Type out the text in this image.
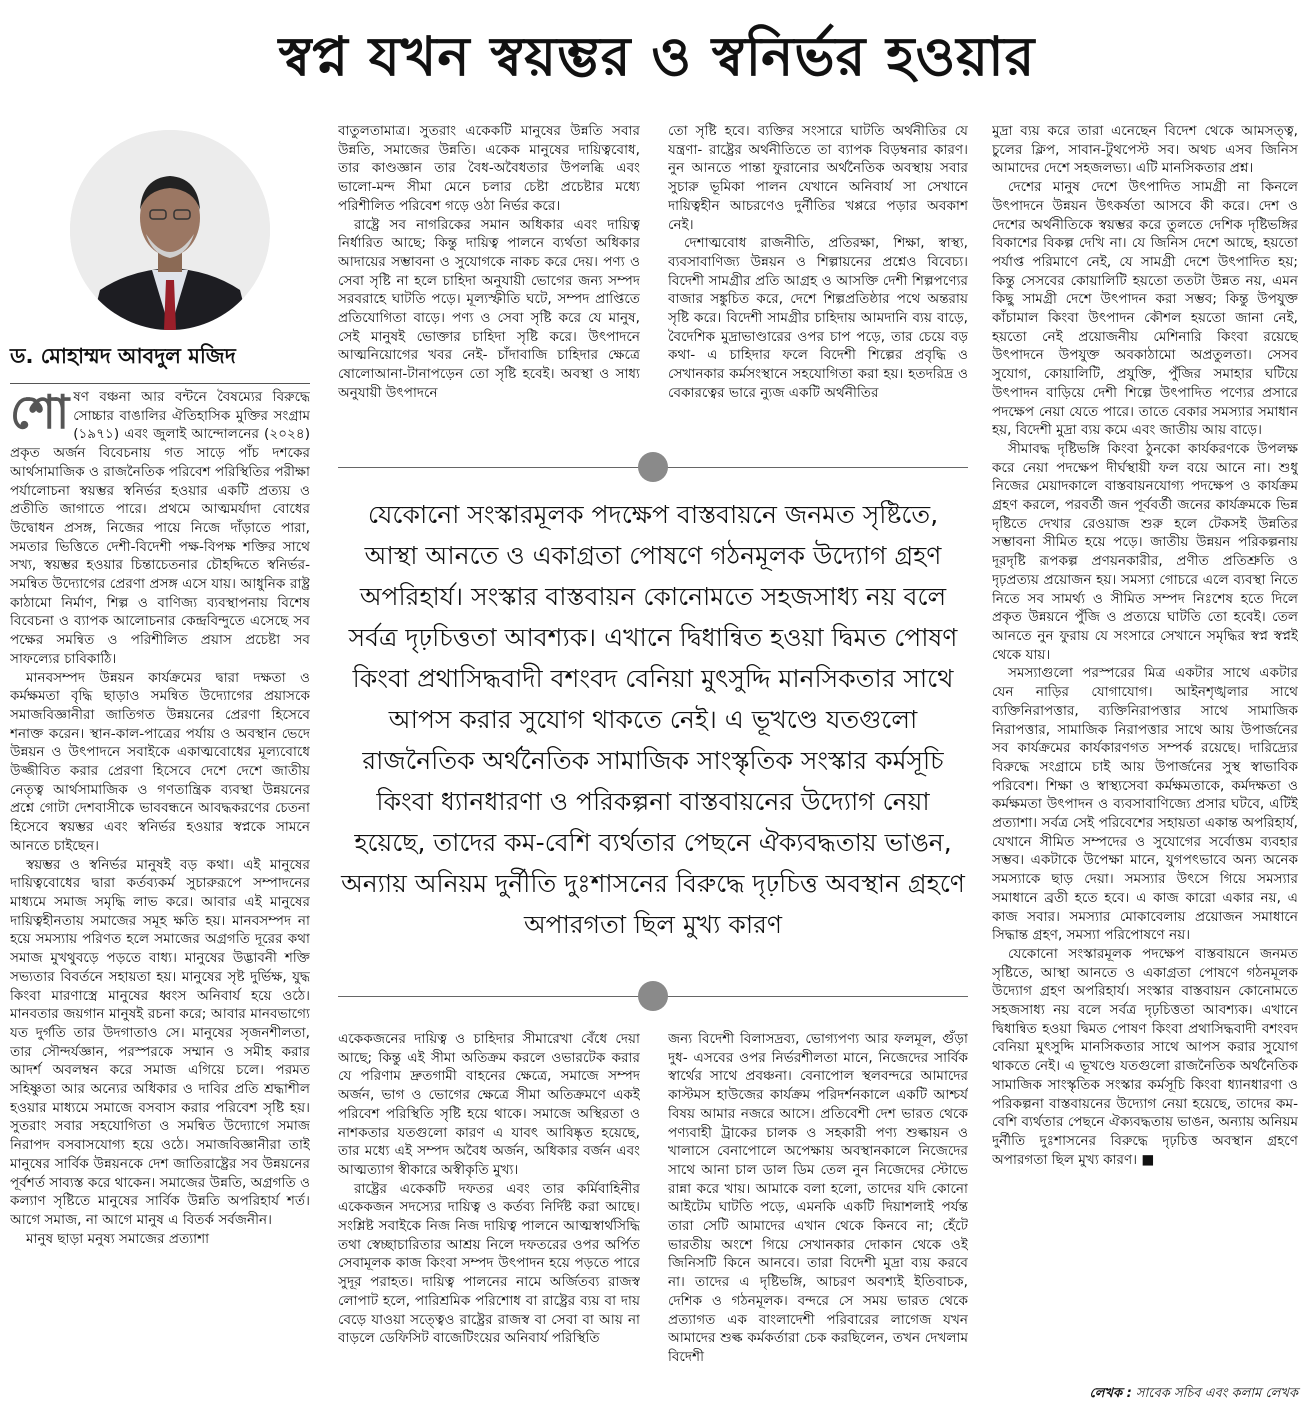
স্বপ্ন যখন স্বয়ম্ভর ও স্বনির্ভর হওয়ার
ড. মোহাম্মদ আবদুল মজিদ

শোষণ বঞ্চনা আর বন্টনে বৈষম্যের বিরুদ্ধে সোচ্চার বাঙালির ঐতিহাসিক মুক্তির সংগ্রাম (১৯৭১) এবং জুলাই আন্দোলনের (২০২৪) প্রকৃত অর্জন বিবেচনায় গত সাড়ে পাঁচ দশকের আর্থসামাজিক ও রাজনৈতিক পরিবেশ পরিস্থিতির পরীক্ষা পর্যালোচনা স্বয়ম্ভর স্বনির্ভর হওয়ার একটি প্রত্যয় ও প্রতীতি জাগাতে পারে। প্রথমে আত্মমর্যাদা বোধের উদ্বোধন প্রসঙ্গ, নিজের পায়ে নিজে দাঁড়াতে পারা, সমতার ভিত্তিতে দেশী-বিদেশী পক্ষ-বিপক্ষ শক্তির সাথে সখ্য, স্বয়ম্ভর হওয়ার চিন্তাচেতনার চৌহদ্দিতে স্বনির্ভর-সমন্বিত উদ্যোগের প্রেরণা প্রসঙ্গ এসে যায়। আধুনিক রাষ্ট্র কাঠামো নির্মাণ, শিল্প ও বাণিজ্য ব্যবস্থাপনায় বিশেষ বিবেচনা ও ব্যাপক আলোচনার কেন্দ্রবিন্দুতে এসেছে সব পক্ষের সমন্বিত ও পরিশীলিত প্রয়াস প্রচেষ্টা সব সাফল্যের চাবিকাঠি।

মানবসম্পদ উন্নয়ন কার্যক্রমের দ্বারা দক্ষতা ও কর্মক্ষমতা বৃদ্ধি ছাড়াও সমন্বিত উদ্যোগের প্রয়াসকে সমাজবিজ্ঞানীরা জাতিগত উন্নয়নের প্রেরণা হিসেবে শনাক্ত করেন। স্থান-কাল-পাত্রের পর্যায় ও অবস্থান ভেদে উন্নয়ন ও উৎপাদনে সবাইকে একাত্মবোধের মূল্যবোধে উজ্জীবিত করার প্রেরণা হিসেবে দেশে দেশে জাতীয় নেতৃত্ব আর্থসামাজিক ও গণতান্ত্রিক ব্যবস্থা উন্নয়নের প্রশ্নে গোটা দেশবাসীকে ভাববন্ধনে আবদ্ধকরণের চেতনা হিসেবে স্বয়ম্ভর এবং স্বনির্ভর হওয়ার স্বপ্নকে সামনে আনতে চাইছেন।

স্বয়ম্ভর ও স্বনির্ভর মানুষই বড় কথা। এই মানুষের দায়িত্ববোধের দ্বারা কর্তব্যকর্ম সুচারুরূপে সম্পাদনের মাধ্যমে সমাজ সমৃদ্ধি লাভ করে। আবার এই মানুষের দায়িত্বহীনতায় সমাজের সমূহ ক্ষতি হয়। মানবসম্পদ না হয়ে সমস্যায় পরিণত হলে সমাজের অগ্রগতি দূরের কথা সমাজ মুখথুবড়ে পড়তে বাধ্য। মানুষের উদ্ভাবনী শক্তি সভ্যতার বিবর্তনে সহায়তা হয়। মানুষের সৃষ্ট দুর্ভিক্ষ, যুদ্ধ কিংবা মারণাস্ত্রে মানুষের ধ্বংস অনিবার্য হয়ে ওঠে। মানবতার জয়গান মানুষই রচনা করে; আবার মানবভাগ্যে যত দুর্গতি তার উদগাতাও সে। মানুষের সৃজনশীলতা, তার সৌন্দর্যজ্ঞান, পরস্পরকে সম্মান ও সমীহ করার আদর্শ অবলম্বন করে সমাজ এগিয়ে চলে। পরমত সহিষ্ণুতা আর অন্যের অধিকার ও দাবির প্রতি শ্রদ্ধাশীল হওয়ার মাধ্যমে সমাজে বসবাস করার পরিবেশ সৃষ্টি হয়। সুতরাং সবার সহযোগিতা ও সমন্বিত উদ্যোগে সমাজ নিরাপদ বসবাসযোগ্য হয়ে ওঠে। সমাজবিজ্ঞানীরা তাই মানুষের সার্বিক উন্নয়নকে দেশ জাতিরাষ্ট্রের সব উন্নয়নের পূর্বশর্ত সাব্যস্ত করে থাকেন। সমাজের উন্নতি, অগ্রগতি ও কল্যাণ সৃষ্টিতে মানুষের সার্বিক উন্নতি অপরিহার্য শর্ত। আগে সমাজ, না আগে মানুষ এ বিতর্ক সর্বজনীন।

মানুষ ছাড়া মনুষ্য সমাজের প্রত্যাশা

বাতুলতামাত্র। সুতরাং একেকটি মানুষের উন্নতি সবার উন্নতি, সমাজের উন্নতি। একেক মানুষের দায়িত্ববোধ, তার কাণ্ডজ্ঞান তার বৈধ-অবৈধতার উপলব্ধি এবং ভালো-মন্দ সীমা মেনে চলার চেষ্টা প্রচেষ্টার মধ্যে পরিশীলিত পরিবেশ গড়ে ওঠা নির্ভর করে।

রাষ্ট্রে সব নাগরিকের সমান অধিকার এবং দায়িত্ব নির্ধারিত আছে; কিন্তু দায়িত্ব পালনে ব্যর্থতা অধিকার আদায়ের সম্ভাবনা ও সুযোগকে নাকচ করে দেয়। পণ্য ও সেবা সৃষ্টি না হলে চাহিদা অনুযায়ী ভোগের জন্য সম্পদ সরবরাহে ঘাটতি পড়ে। মূল্যস্ফীতি ঘটে, সম্পদ প্রাপ্তিতে প্রতিযোগিতা বাড়ে। পণ্য ও সেবা সৃষ্টি করে যে মানুষ, সেই মানুষই ভোক্তার চাহিদা সৃষ্টি করে। উৎপাদনে আত্মনিয়োগের খবর নেই- চাঁদাবাজি চাহিদার ক্ষেত্রে ষোলোআনা-টানাপড়েন তো সৃষ্টি হবেই। অবস্থা ও সাধ্য অনুযায়ী উৎপাদনে

তো সৃষ্টি হবে। ব্যক্তির সংসারে ঘাটতি অর্থনীতির যে যন্ত্রণা- রাষ্ট্রের অর্থনীতিতে তা ব্যাপক বিড়ম্বনার কারণ। নুন আনতে পান্তা ফুরানোর অর্থনৈতিক অবস্থায় সবার সুচারু ভূমিকা পালন যেখানে অনিবার্য সা সেখানে দায়িত্বহীন আচরণেও দুর্নীতির খপ্পরে পড়ার অবকাশ নেই।

দেশাত্মবোধ রাজনীতি, প্রতিরক্ষা, শিক্ষা, স্বাস্থ্য, ব্যবসাবাণিজ্য উন্নয়ন ও শিল্পায়নের প্রশ্নেও বিবেচ্য। বিদেশী সামগ্রীর প্রতি আগ্রহ ও আসক্তি দেশী শিল্পপণ্যের বাজার সঙ্কুচিত করে, দেশে শিল্পপ্রতিষ্ঠার পথে অন্তরায় সৃষ্টি করে। বিদেশী সামগ্রীর চাহিদায় আমদানি ব্যয় বাড়ে, বৈদেশিক মুদ্রাভাণ্ডারের ওপর চাপ পড়ে, তার চেয়ে বড় কথা- এ চাহিদার ফলে বিদেশী শিল্পের প্রবৃদ্ধি ও সেখানকার কর্মসংস্থানে সহযোগিতা করা হয়। হতদরিদ্র ও বেকারত্বের ভারে ন্যুজ একটি অর্থনীতির

যেকোনো সংস্কারমূলক পদক্ষেপ বাস্তবায়নে জনমত সৃষ্টিতে, আস্থা আনতে ও একাগ্রতা পোষণে গঠনমূলক উদ্যোগ গ্রহণ অপরিহার্য। সংস্কার বাস্তবায়ন কোনোমতে সহজসাধ্য নয় বলে সর্বত্র দৃঢ়চিত্ততা আবশ্যক। এখানে দ্বিধান্বিত হওয়া দ্বিমত পোষণ কিংবা প্রথাসিদ্ধবাদী বশংবদ বেনিয়া মুৎসুদ্দি মানসিকতার সাথে আপস করার সুযোগ থাকতে নেই। এ ভূখণ্ডে যতগুলো রাজনৈতিক অর্থনৈতিক সামাজিক সাংস্কৃতিক সংস্কার কর্মসূচি কিংবা ধ্যানধারণা ও পরিকল্পনা বাস্তবায়নের উদ্যোগ নেয়া হয়েছে, তাদের কম-বেশি ব্যর্থতার পেছনে ঐক্যবদ্ধতায় ভাঙন, অন্যায় অনিয়ম দুর্নীতি দুঃশাসনের বিরুদ্ধে দৃঢ়চিত্ত অবস্থান গ্রহণে অপারগতা ছিল মুখ্য কারণ

একেকজনের দায়িত্ব ও চাহিদার সীমারেখা বেঁধে দেয়া আছে; কিন্তু এই সীমা অতিক্রম করলে ওভারটেক করার যে পরিণাম দ্রুতগামী বাহনের ক্ষেত্রে, সমাজে সম্পদ অর্জন, ভাগ ও ভোগের ক্ষেত্রে সীমা অতিক্রমণে একই পরিবেশ পরিস্থিতি সৃষ্টি হয়ে থাকে। সমাজে অস্থিরতা ও নাশকতার যতগুলো কারণ এ যাবৎ আবিষ্কৃত হয়েছে, তার মধ্যে এই সম্পদ অবৈধ অর্জন, অধিকার বর্জন এবং আত্মত্যাগ স্বীকারে অস্বীকৃতি মুখ্য।

রাষ্ট্রের একেকটি দফতর এবং তার কর্মিবাহিনীর একেকজন সদস্যের দায়িত্ব ও কর্তব্য নির্দিষ্ট করা আছে। সংশ্লিষ্ট সবাইকে নিজ নিজ দায়িত্ব পালনে আত্মস্বার্থসিদ্ধি তথা স্বেচ্ছাচারিতার আশ্রয় নিলে দফতরের ওপর অর্পিত সেবামূলক কাজ কিংবা সম্পদ উৎপাদন হয়ে পড়তে পারে সুদূর পরাহত। দায়িত্ব পালনের নামে অর্জিতব্য রাজস্ব লোপাট হলে, পারিশ্রমিক পরিশোধ বা রাষ্ট্রের ব্যয় বা দায় বেড়ে যাওয়া সত্ত্বেও রাষ্ট্রের রাজস্ব বা সেবা বা আয় না বাড়লে ডেফিসিট বাজেটিংয়ের অনিবার্য পরিস্থিতি

জন্য বিদেশী বিলাসদ্রব্য, ভোগ্যপণ্য আর ফলমূল, গুঁড়া দুধ- এসবের ওপর নির্ভরশীলতা মানে, নিজেদের সার্বিক স্বার্থের সাথে প্রবঞ্চনা। বেনাপোল স্থলবন্দরে আমাদের কাস্টমস হাউজের কার্যক্রম পরিদর্শনকালে একটি আশ্চর্য বিষয় আমার নজরে আসে। প্রতিবেশী দেশ ভারত থেকে পণ্যবাহী ট্রাকের চালক ও সহকারী পণ্য শুল্কায়ন ও খালাসে বেনাপোলে অপেক্ষায় অবস্থানকালে নিজেদের সাথে আনা চাল ডাল ডিম তেল নুন নিজেদের স্টোভে রান্না করে খায়। আমাকে বলা হলো, তাদের যদি কোনো আইটেম ঘাটতি পড়ে, এমনকি একটি দিয়াশলাই পর্যন্ত তারা সেটি আমাদের এখান থেকে কিনবে না; হেঁটে ভারতীয় অংশে গিয়ে সেখানকার দোকান থেকে ওই জিনিসটি কিনে আনবে। তারা বিদেশী মুদ্রা ব্যয় করবে না। তাদের এ দৃষ্টিভঙ্গি, আচরণ অবশ্যই ইতিবাচক, দেশিক ও গঠনমূলক। বন্দরে সে সময় ভারত থেকে প্রত্যাগত এক বাংলাদেশী পরিবারের লাগেজ যখন আমাদের শুল্ক কর্মকর্তারা চেক করছিলেন, তখন দেখলাম বিদেশী

মুদ্রা ব্যয় করে তারা এনেছেন বিদেশ থেকে আমসত্ত্ব, চুলের ক্লিপ, সাবান-টুথপেস্ট সব। অথচ এসব জিনিস আমাদের দেশে সহজলভ্য। এটি মানসিকতার প্রশ্ন।

দেশের মানুষ দেশে উৎপাদিত সামগ্রী না কিনলে উৎপাদনে উন্নয়ন উৎকর্ষতা আসবে কী করে। দেশ ও দেশের অর্থনীতিকে স্বয়ম্ভর করে তুলতে দেশিক দৃষ্টিভঙ্গির বিকাশের বিকল্প দেখি না। যে জিনিস দেশে আছে, হয়তো পর্যাপ্ত পরিমাণে নেই, যে সামগ্রী দেশে উৎপাদিত হয়; কিন্তু সেসবের কোয়ালিটি হয়তো ততটা উন্নত নয়, এমন কিছু সামগ্রী দেশে উৎপাদন করা সম্ভব; কিন্তু উপযুক্ত কাঁচামাল কিংবা উৎপাদন কৌশল হয়তো জানা নেই, হয়তো নেই প্রয়োজনীয় মেশিনারি কিংবা রয়েছে উৎপাদনে উপযুক্ত অবকাঠামো অপ্রতুলতা। সেসব সুযোগ, কোয়ালিটি, প্রযুক্তি, পুঁজির সমাহার ঘটিয়ে উৎপাদন বাড়িয়ে দেশী শিল্পে উৎপাদিত পণ্যের প্রসারে পদক্ষেপ নেয়া যেতে পারে। তাতে বেকার সমস্যার সমাধান হয়, বিদেশী মুদ্রা ব্যয় কমে এবং জাতীয় আয় বাড়ে।

সীমাবদ্ধ দৃষ্টিভঙ্গি কিংবা ঠুনকো কার্যকরণকে উপলক্ষ করে নেয়া পদক্ষেপ দীর্ঘস্থায়ী ফল বয়ে আনে না। শুধু নিজের মেয়াদকালে বাস্তবায়নযোগ্য পদক্ষেপ ও কার্যক্রম গ্রহণ করলে, পরবর্তী জন পূর্ববর্তী জনের কার্যক্রমকে ভিন্ন দৃষ্টিতে দেখার রেওয়াজ শুরু হলে টেকসই উন্নতির সম্ভাবনা সীমিত হয়ে পড়ে। জাতীয় উন্নয়ন পরিকল্পনায় দূরদৃষ্টি রূপকল্প প্রণয়নকারীর, প্রণীত প্রতিশ্রুতি ও দৃঢ়প্রত্যয় প্রয়োজন হয়। সমস্যা গোচরে এলে ব্যবস্থা নিতে নিতে সব সামর্থ্য ও সীমিত সম্পদ নিঃশেষ হতে দিলে প্রকৃত উন্নয়নে পুঁজি ও প্রত্যয়ে ঘাটতি তো হবেই। তেল আনতে নুন ফুরায় যে সংসারে সেখানে সমৃদ্ধির স্বপ্ন স্বপ্নই থেকে যায়।

সমস্যাগুলো পরস্পরের মিত্র একটার সাথে একটার যেন নাড়ির যোগাযোগ। আইনশৃঙ্খলার সাথে ব্যক্তিনিরাপত্তার, ব্যক্তিনিরাপত্তার সাথে সামাজিক নিরাপত্তার, সামাজিক নিরাপত্তার সাথে আয় উপার্জনের সব কার্যক্রমের কার্যকারণগত সম্পর্ক রয়েছে। দারিদ্র্যের বিরুদ্ধে সংগ্রামে চাই আয় উপার্জনের সুস্থ স্বাভাবিক পরিবেশ। শিক্ষা ও স্বাস্থ্যসেবা কর্মক্ষমতাকে, কর্মদক্ষতা ও কর্মক্ষমতা উৎপাদন ও ব্যবসাবাণিজ্যে প্রসার ঘটবে, এটিই প্রত্যাশা। সর্বত্র সেই পরিবেশের সহায়তা একান্ত অপরিহার্য, যেখানে সীমিত সম্পদের ও সুযোগের সর্বোত্তম ব্যবহার সম্ভব। একটাকে উপেক্ষা মানে, যুগপৎভাবে অন্য অনেক সমস্যাকে ছাড় দেয়া। সমস্যার উৎসে গিয়ে সমস্যার সমাধানে ব্রতী হতে হবে। এ কাজ কারো একার নয়, এ কাজ সবার। সমস্যার মোকাবেলায় প্রয়োজন সমাধানে সিদ্ধান্ত গ্রহণ, সমস্যা পরিপোষণে নয়।

যেকোনো সংস্কারমূলক পদক্ষেপ বাস্তবায়নে জনমত সৃষ্টিতে, আস্থা আনতে ও একাগ্রতা পোষণে গঠনমূলক উদ্যোগ গ্রহণ অপরিহার্য। সংস্কার বাস্তবায়ন কোনোমতে সহজসাধ্য নয় বলে সর্বত্র দৃঢ়চিত্ততা আবশ্যক। এখানে দ্বিধান্বিত হওয়া দ্বিমত পোষণ কিংবা প্রথাসিদ্ধবাদী বশংবদ বেনিয়া মুৎসুদ্দি মানসিকতার সাথে আপস করার সুযোগ থাকতে নেই। এ ভূখণ্ডে যতগুলো রাজনৈতিক অর্থনৈতিক সামাজিক সাংস্কৃতিক সংস্কার কর্মসূচি কিংবা ধ্যানধারণা ও পরিকল্পনা বাস্তবায়নের উদ্যোগ নেয়া হয়েছে, তাদের কম-বেশি ব্যর্থতার পেছনে ঐক্যবদ্ধতায় ভাঙন, অন্যায় অনিয়ম দুর্নীতি দুঃশাসনের বিরুদ্ধে দৃঢ়চিত্ত অবস্থান গ্রহণে অপারগতা ছিল মুখ্য কারণ। ■

লেখক : সাবেক সচিব এবং কলাম লেখক
